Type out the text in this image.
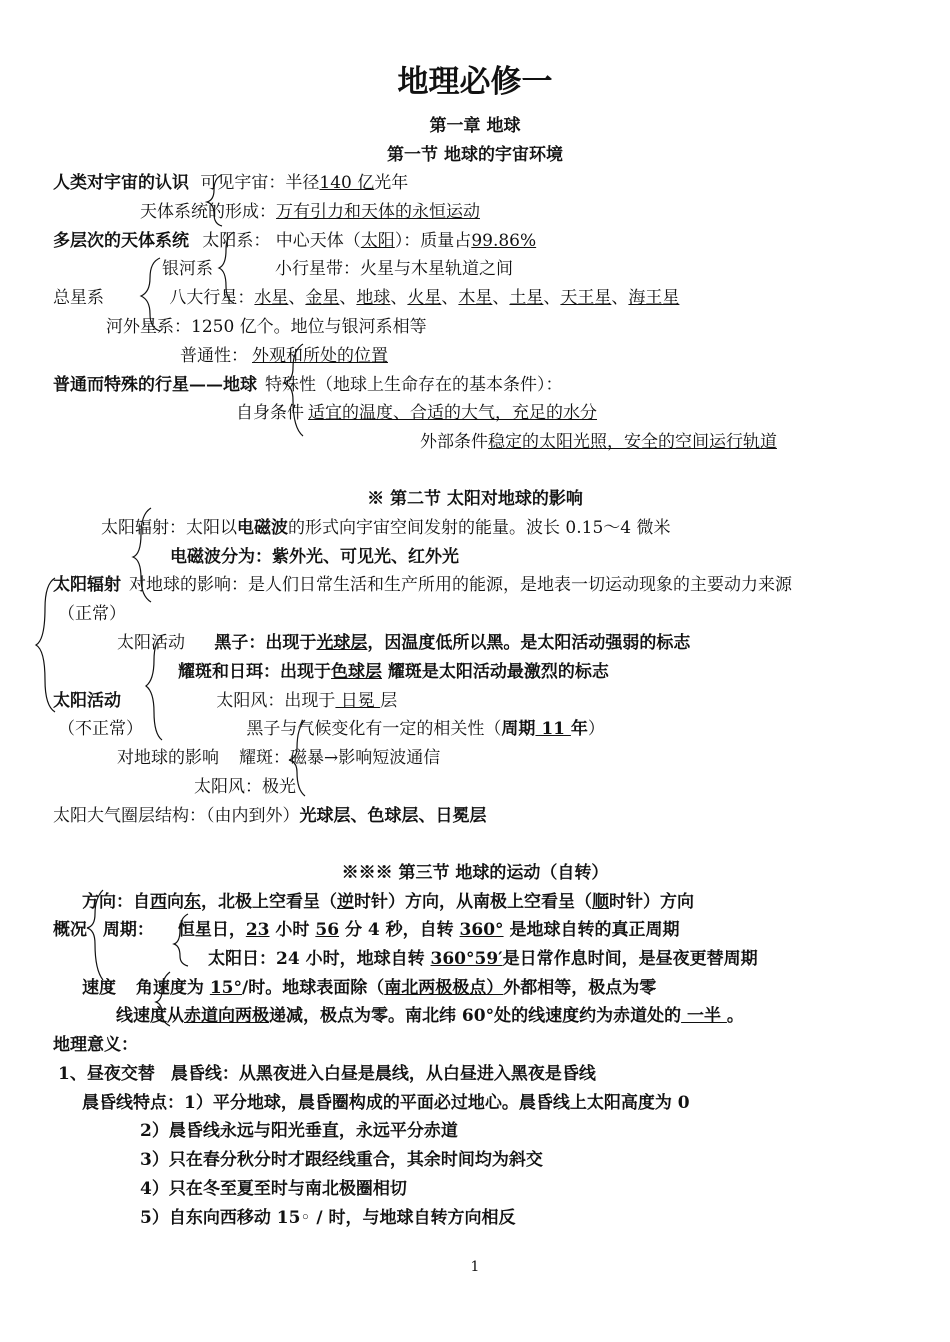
地理必修一
第一章 地球
第一节 地球的宇宙环境
人类对宇宙的认识 可见宇宙：半径140 亿光年
天体系统的形成：万有引力和天体的永恒运动
多层次的天体系统 太阳系： 中心天体（太阳）：质量占99.86%
银河系	小行星带：火星与木星轨道之间
总星系	八大行星：水星、金星、地球、火星、木星、土星、天王星、海王星
河外星系：1250 亿个。地位与银河系相等
普通性： 外观和所处的位置
普通而特殊的行星——地球 特殊性（地球上生命存在的基本条件）：
自身条件 适宜的温度、合适的大气，充足的水分
外部条件稳定的太阳光照，安全的空间运行轨道
※ 第二节 太阳对地球的影响
太阳辐射：太阳以电磁波的形式向宇宙空间发射的能量。波长 0.15～4 微米
电磁波分为：紫外光、可见光、红外光
太阳辐射 对地球的影响：是人们日常生活和生产所用的能源，是地表一切运动现象的主要动力来源
（正常）
太阳活动 黑子：出现于光球层，因温度低所以黑。是太阳活动强弱的标志
耀斑和日珥：出现于色球层 耀斑是太阳活动最激烈的标志
太阳活动	太阳风：出现于 日冕 层
（不正常）	黑子与气候变化有一定的相关性（周期 11 年）
对地球的影响 耀斑：磁暴→影响短波通信
太阳风：极光
太阳大气圈层结构：（由内到外）光球层、色球层、日冕层
※※※ 第三节 地球的运动（自转）
方向：自西向东，北极上空看呈（逆时针）方向，从南极上空看呈（顺时针）方向
概况 周期： 恒星日，23 小时 56 分 4 秒，自转 360° 是地球自转的真正周期
太阳日：24 小时，地球自转 360°59′是日常作息时间，是昼夜更替周期
速度 角速度为 15°/时。地球表面除（南北两极极点）外都相等，极点为零
线速度从赤道向两极递减，极点为零。南北纬 60°处的线速度约为赤道处的 一半 。
地理意义：
1、昼夜交替 晨昏线：从黑夜进入白昼是晨线，从白昼进入黑夜是昏线
晨昏线特点：1）平分地球，晨昏圈构成的平面必过地心。晨昏线上太阳高度为 0
2）晨昏线永远与阳光垂直，永远平分赤道
3）只在春分秋分时才跟经线重合，其余时间均为斜交
4）只在冬至夏至时与南北极圈相切
5）自东向西移动 15◦ / 时，与地球自转方向相反
1
